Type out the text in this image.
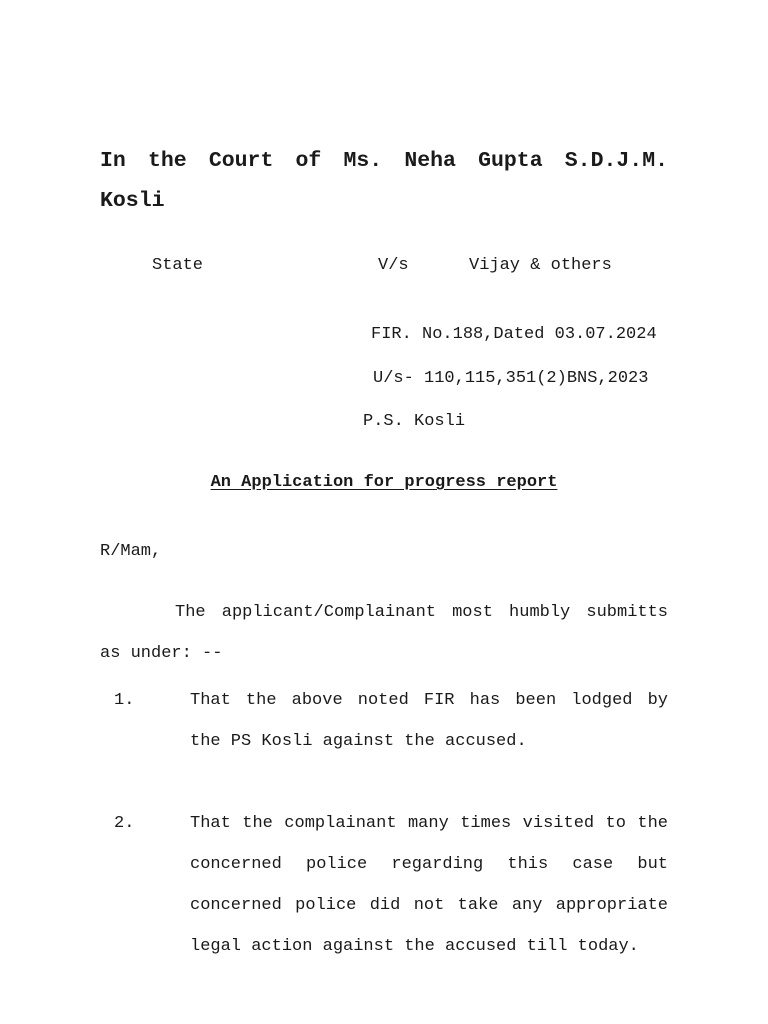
In the Court of Ms. Neha Gupta S.D.J.M. Kosli
State	V/s	Vijay & others
FIR. No.188,Dated 03.07.2024
U/s- 110,115,351(2)BNS,2023
P.S. Kosli
An Application for progress report
R/Mam,

The applicant/Complainant most humbly submitts as under: --

1.	That the above noted FIR has been lodged by the PS Kosli against the accused.

2.	That the complainant many times visited to the concerned police regarding this case but concerned police did not take any appropriate legal action against the accused till today.
